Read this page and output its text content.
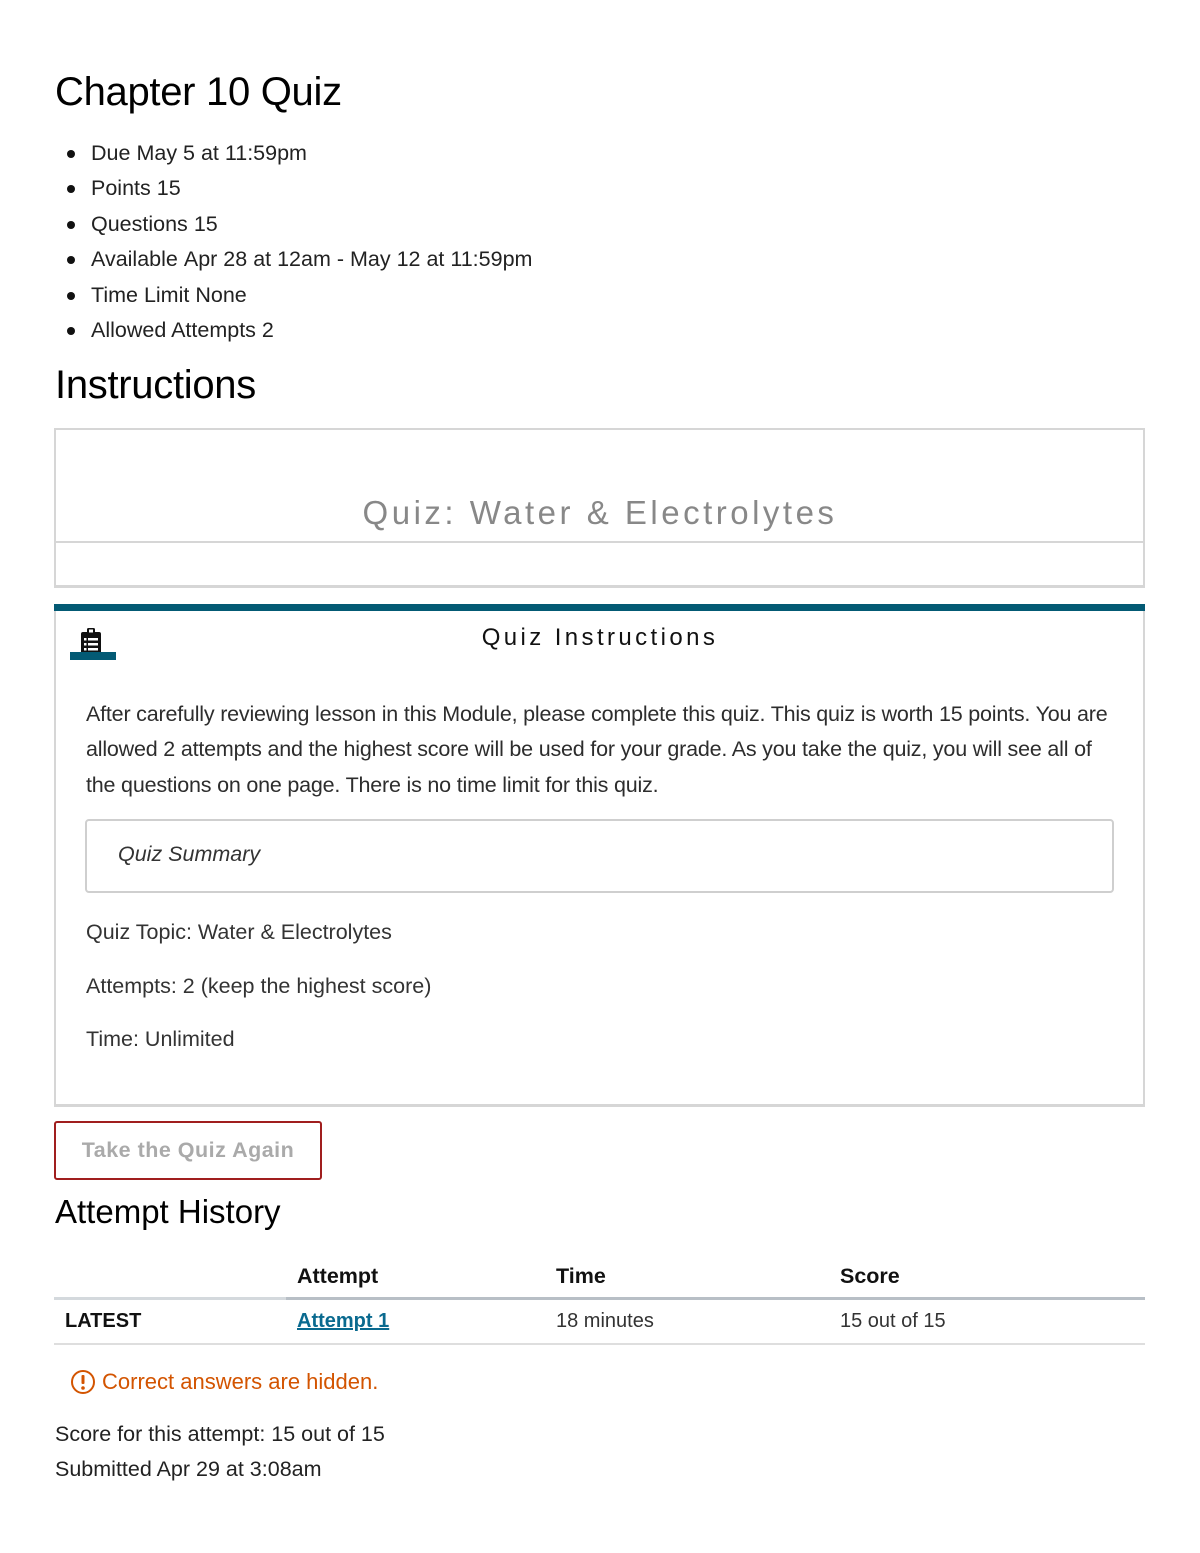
Chapter 10 Quiz
Due May 5 at 11:59pm
Points 15
Questions 15
Available Apr 28 at 12am - May 12 at 11:59pm
Time Limit None
Allowed Attempts 2
Instructions
Quiz: Water & Electrolytes
Quiz Instructions

After carefully reviewing lesson in this Module, please complete this quiz. This quiz is worth 15 points. You are allowed 2 attempts and the highest score will be used for your grade. As you take the quiz, you will see all of the questions on one page. There is no time limit for this quiz.

Quiz Summary
Quiz Topic: Water & Electrolytes
Attempts: 2 (keep the highest score)
Time: Unlimited
Take the Quiz Again
Attempt History
	Attempt	Time	Score
LATEST	Attempt 1	18 minutes	15 out of 15
Correct answers are hidden.
Score for this attempt: 15 out of 15
Submitted Apr 29 at 3:08am
